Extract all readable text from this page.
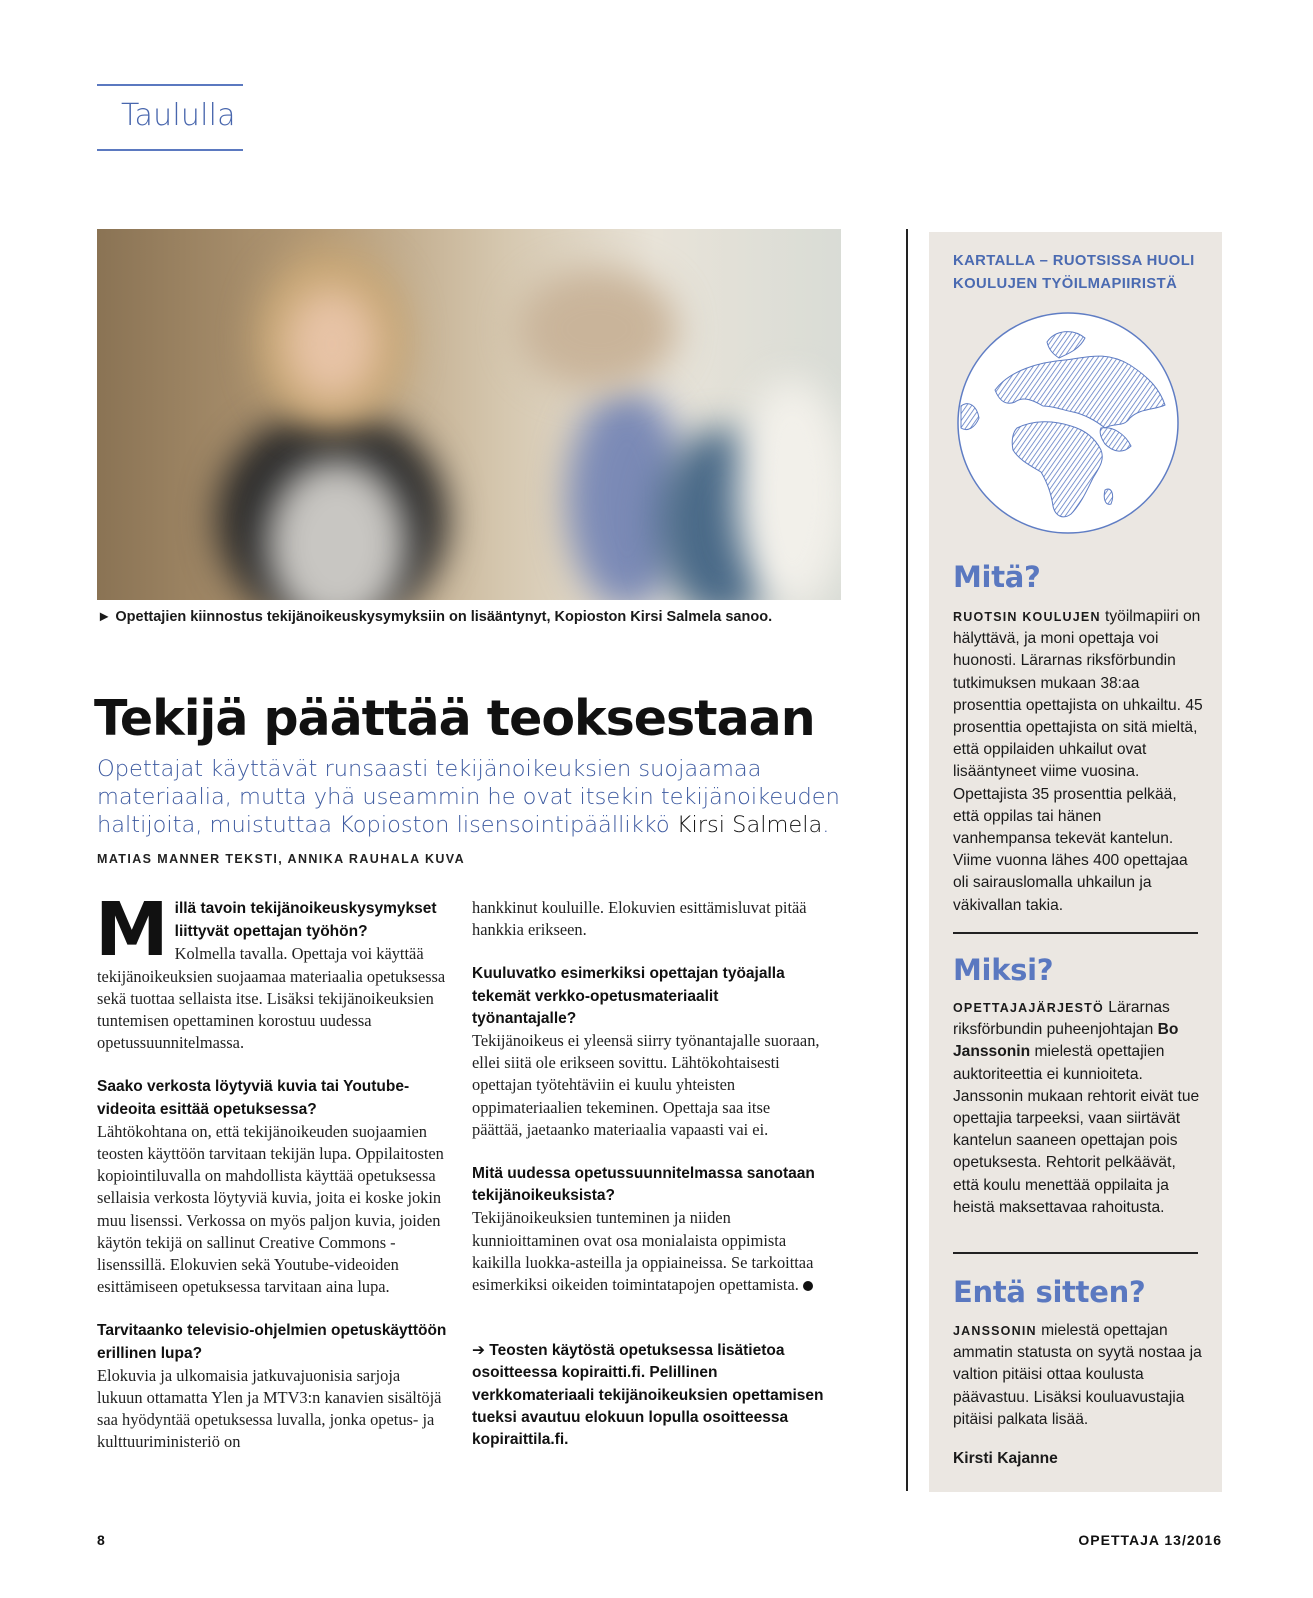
Taululla
► Opettajien kiinnostus tekijänoikeuskysymyksiin on lisääntynyt, Kopioston Kirsi Salmela sanoo.
Tekijä päättää teoksestaan
Opettajat käyttävät runsaasti tekijänoikeuksien suojaamaa materiaalia, mutta yhä useammin he ovat itsekin tekijänoikeuden haltijoita, muistuttaa Kopioston lisensointipäällikkö Kirsi Salmela.
MATIAS MANNER TEKSTI, ANNIKA RAUHALA KUVA

Millä tavoin tekijänoikeuskysymykset liittyvät opettajan työhön?

Kolmella tavalla. Opettaja voi käyttää tekijänoikeuksien suojaamaa materiaalia opetuksessa sekä tuottaa sellaista itse. Lisäksi tekijänoikeuksien tuntemisen opettaminen korostuu uudessa opetussuunnitelmassa.

Saako verkosta löytyviä kuvia tai Youtube-videoita esittää opetuksessa?

Lähtökohtana on, että tekijänoikeuden suojaamien teosten käyttöön tarvitaan tekijän lupa. Oppilaitosten kopiointiluvalla on mahdollista käyttää opetuksessa sellaisia verkosta löytyviä kuvia, joita ei koske jokin muu lisenssi. Verkossa on myös paljon kuvia, joiden käytön tekijä on sallinut Creative Commons -lisenssillä. Elokuvien sekä Youtube-videoiden esittämiseen opetuksessa tarvitaan aina lupa.

Tarvitaanko televisio-ohjelmien opetuskäyttöön erillinen lupa?

Elokuvia ja ulkomaisia jatkuvajuonisia sarjoja lukuun ottamatta Ylen ja MTV3:n kanavien sisältöjä saa hyödyntää opetuksessa luvalla, jonka opetus- ja kulttuuriministeriö on

hankkinut kouluille. Elokuvien esittämisluvat pitää hankkia erikseen.

Kuuluvatko esimerkiksi opettajan työajalla tekemät verkko-opetusmateriaalit työnantajalle?

Tekijänoikeus ei yleensä siirry työnantajalle suoraan, ellei siitä ole erikseen sovittu. Lähtökohtaisesti opettajan työtehtäviin ei kuulu yhteisten oppimateriaalien tekeminen. Opettaja saa itse päättää, jaetaanko materiaalia vapaasti vai ei.

Mitä uudessa opetussuunnitelmassa sanotaan tekijänoikeuksista?

Tekijänoikeuksien tunteminen ja niiden kunnioittaminen ovat osa monialaista oppimista kaikilla luokka-asteilla ja oppiaineissa. Se tarkoittaa esimerkiksi oikeiden toimintatapojen opettamista.

➔ Teosten käytöstä opetuksessa lisätietoa osoitteessa kopiraitti.fi. Pelillinen verkkomateriaali tekijänoikeuksien opettamisen tueksi avautuu elokuun lopulla osoitteessa kopiraittila.fi.

KARTALLA – RUOTSISSA HUOLI KOULUJEN TYÖILMAPIIRISTÄ
Mitä?
RUOTSIN KOULUJEN työilmapiiri on hälyttävä, ja moni opettaja voi huonosti. Lärarnas riksförbundin tutkimuksen mukaan 38:aa prosenttia opettajista on uhkailtu. 45 prosenttia opettajista on sitä mieltä, että oppilaiden uhkailut ovat lisääntyneet viime vuosina. Opettajista 35 prosenttia pelkää, että oppilas tai hänen vanhempansa tekevät kantelun. Viime vuonna lähes 400 opettajaa oli sairauslomalla uhkailun ja väkivallan takia.
Miksi?
OPETTAJAJÄRJESTÖ Lärarnas riksförbundin puheenjohtajan Bo Janssonin mielestä opettajien auktoriteettia ei kunnioiteta. Janssonin mukaan rehtorit eivät tue opettajia tarpeeksi, vaan siirtävät kantelun saaneen opettajan pois opetuksesta. Rehtorit pelkäävät, että koulu menettää oppilaita ja heistä maksettavaa rahoitusta.
Entä sitten?
JANSSONIN mielestä opettajan ammatin statusta on syytä nostaa ja valtion pitäisi ottaa koulusta päävastuu. Lisäksi kouluavustajia pitäisi palkata lisää.
Kirsti Kajanne
8	OPETTAJA 13/2016
